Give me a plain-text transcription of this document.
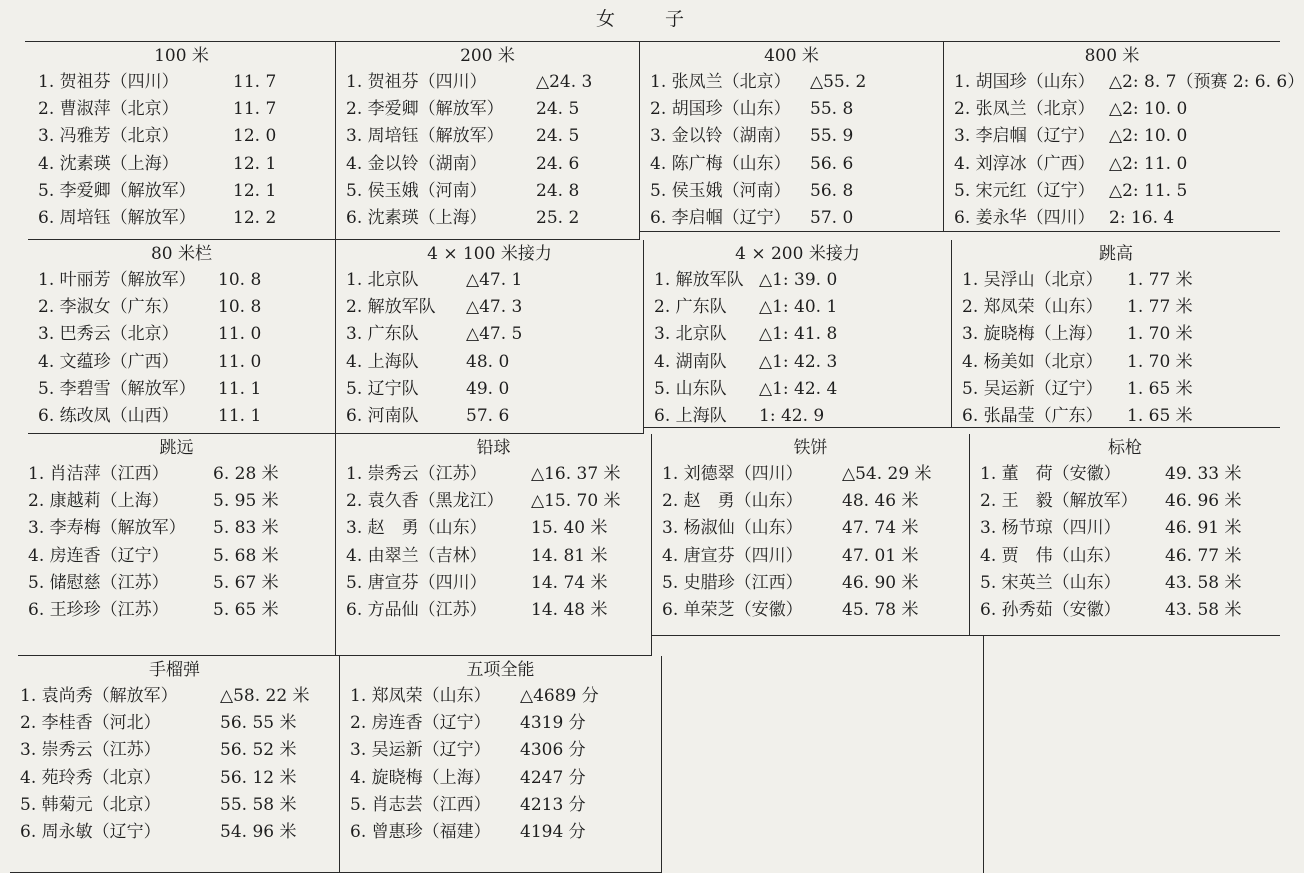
女 子
100 米
1. 贺祖芬（四川）	11. 7
2. 曹淑萍（北京）	11. 7
3. 冯雅芳（北京）	12. 0
4. 沈素瑛（上海）	12. 1
5. 李爱卿（解放军） 12. 1
6. 周培钰（解放军） 12. 2
200 米
1. 贺祖芬（四川）	△24. 3
2. 李爱卿（解放军） 24. 5
3. 周培钰（解放军） 24. 5
4. 金以铃（湖南）	24. 6
5. 侯玉娥（河南）	24. 8
6. 沈素瑛（上海）	25. 2
400 米
1. 张凤兰（北京） △55. 2
2. 胡国珍（山东） 55. 8
3. 金以铃（湖南） 55. 9
4. 陈广梅（山东） 56. 6
5. 侯玉娥（河南） 56. 8
6. 李启帼（辽宁） 57. 0
800 米
1. 胡国珍（山东） △2: 8. 7（预赛 2: 6. 6）
2. 张凤兰（北京） △2: 10. 0
3. 李启帼（辽宁） △2: 10. 0
4. 刘淳冰（广西） △2: 11. 0
5. 宋元红（辽宁） △2: 11. 5
6. 姜永华（四川） 2: 16. 4
80 米栏
1. 叶丽芳（解放军） 10. 8
2. 李淑女（广东） 10. 8
3. 巴秀云（北京） 11. 0
4. 文蕴珍（广西） 11. 0
5. 李碧雪（解放军） 11. 1
6. 练改凤（山西） 11. 1
4 × 100 米接力
1. 北京队	△47. 1
2. 解放军队 △47. 3
3. 广东队	△47. 5
4. 上海队	48. 0
5. 辽宁队	49. 0
6. 河南队	57. 6
4 × 200 米接力
1. 解放军队 △1: 39. 0
2. 广东队 △1: 40. 1
3. 北京队 △1: 41. 8
4. 湖南队 △1: 42. 3
5. 山东队 △1: 42. 4
6. 上海队 1: 42. 9
跳高
1. 吴浮山（北京） 1. 77 米
2. 郑凤荣（山东） 1. 77 米
3. 旋晓梅（上海） 1. 70 米
4. 杨美如（北京） 1. 70 米
5. 吴运新（辽宁） 1. 65 米
6. 张晶莹（广东） 1. 65 米
跳远
1. 肖洁萍（江西）	6. 28 米
2. 康越莉（上海）	5. 95 米
3. 李寿梅（解放军） 5. 83 米
4. 房连香（辽宁）	5. 68 米
5. 储慰慈（江苏）	5. 67 米
6. 王珍珍（江苏）	5. 65 米
铅球
1. 崇秀云（江苏）	△16. 37 米
2. 袁久香（黑龙江） △15. 70 米
3. 赵　勇（山东）	15. 40 米
4. 由翠兰（吉林）	14. 81 米
5. 唐宣芬（四川）	14. 74 米
6. 方品仙（江苏）	14. 48 米
铁饼
1. 刘德翠（四川） △54. 29 米
2. 赵　勇（山东） 48. 46 米
3. 杨淑仙（山东） 47. 74 米
4. 唐宣芬（四川） 47. 01 米
5. 史腊珍（江西） 46. 90 米
6. 单荣芝（安徽） 45. 78 米
标枪
1. 董　荷（安徽）	49. 33 米
2. 王　毅（解放军） 46. 96 米
3. 杨节琼（四川）	46. 91 米
4. 贾　伟（山东）	46. 77 米
5. 宋英兰（山东）	43. 58 米
6. 孙秀茹（安徽）	43. 58 米
手榴弹
1. 袁尚秀（解放军） △58. 22 米
2. 李桂香（河北）	56. 55 米
3. 崇秀云（江苏）	56. 52 米
4. 苑玲秀（北京）	56. 12 米
5. 韩菊元（北京）	55. 58 米
6. 周永敏（辽宁）	54. 96 米
五项全能
1. 郑凤荣（山东） △4689 分
2. 房连香（辽宁） 4319 分
3. 吴运新（辽宁） 4306 分
4. 旋晓梅（上海） 4247 分
5. 肖志芸（江西） 4213 分
6. 曾惠珍（福建） 4194 分
